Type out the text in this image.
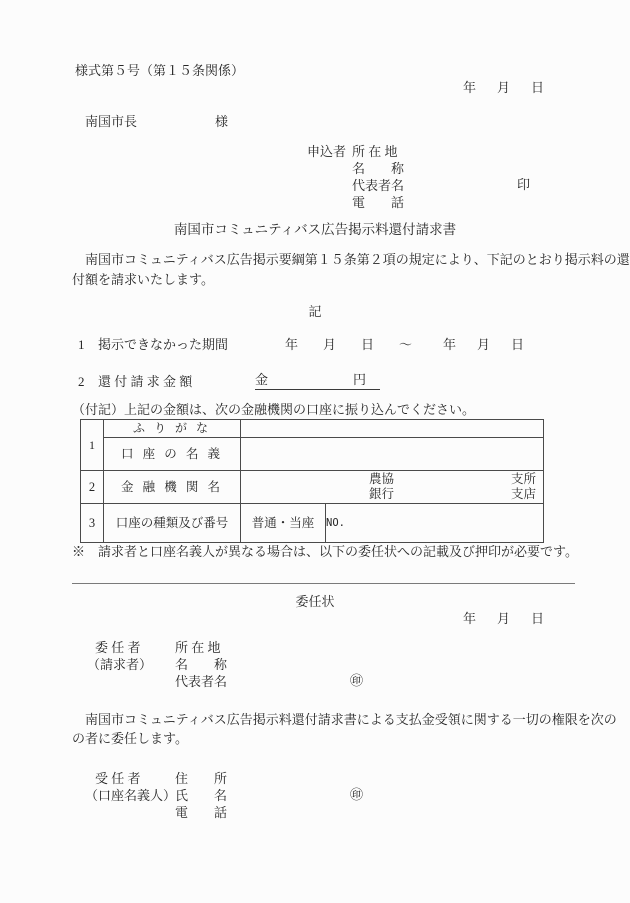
様式第５号（第１５条関係）
年　月　日
南国市長	様
申込者 所 在 地
名　　称
代表者名	印
電　　話
南国市コミュニティバス広告掲示料還付請求書
　南国市コミュニティバス広告掲示要綱第１５条第２項の規定により、下記のとおり掲示料の還
付額を請求いたします。
記
1 掲示できなかった期間	年　月　日　～ 年　月　日
2 還 付 請 求 金 額	金	円
（付記）上記の金額は、次の金融機関の口座に振り込んでください。
1	ふ り が な		
	口 座 の 名 義		
2	金 融 機 関 名	農協 支所
銀行 支店	

3	口座の種類及び番号	普通・当座	NO.
※　請求者と口座名義人が異なる場合は、以下の委任状への記載及び押印が必要です。
委任状
年　月　日
委 任 者	所 在 地
（請求者） 名　　称
代表者名	㊞
　南国市コミュニティバス広告掲示料還付請求書による支払金受領に関する一切の権限を次の
の者に委任します。
受 任 者	住　　所
（口座名義人）
氏　　名	㊞
電　　話
